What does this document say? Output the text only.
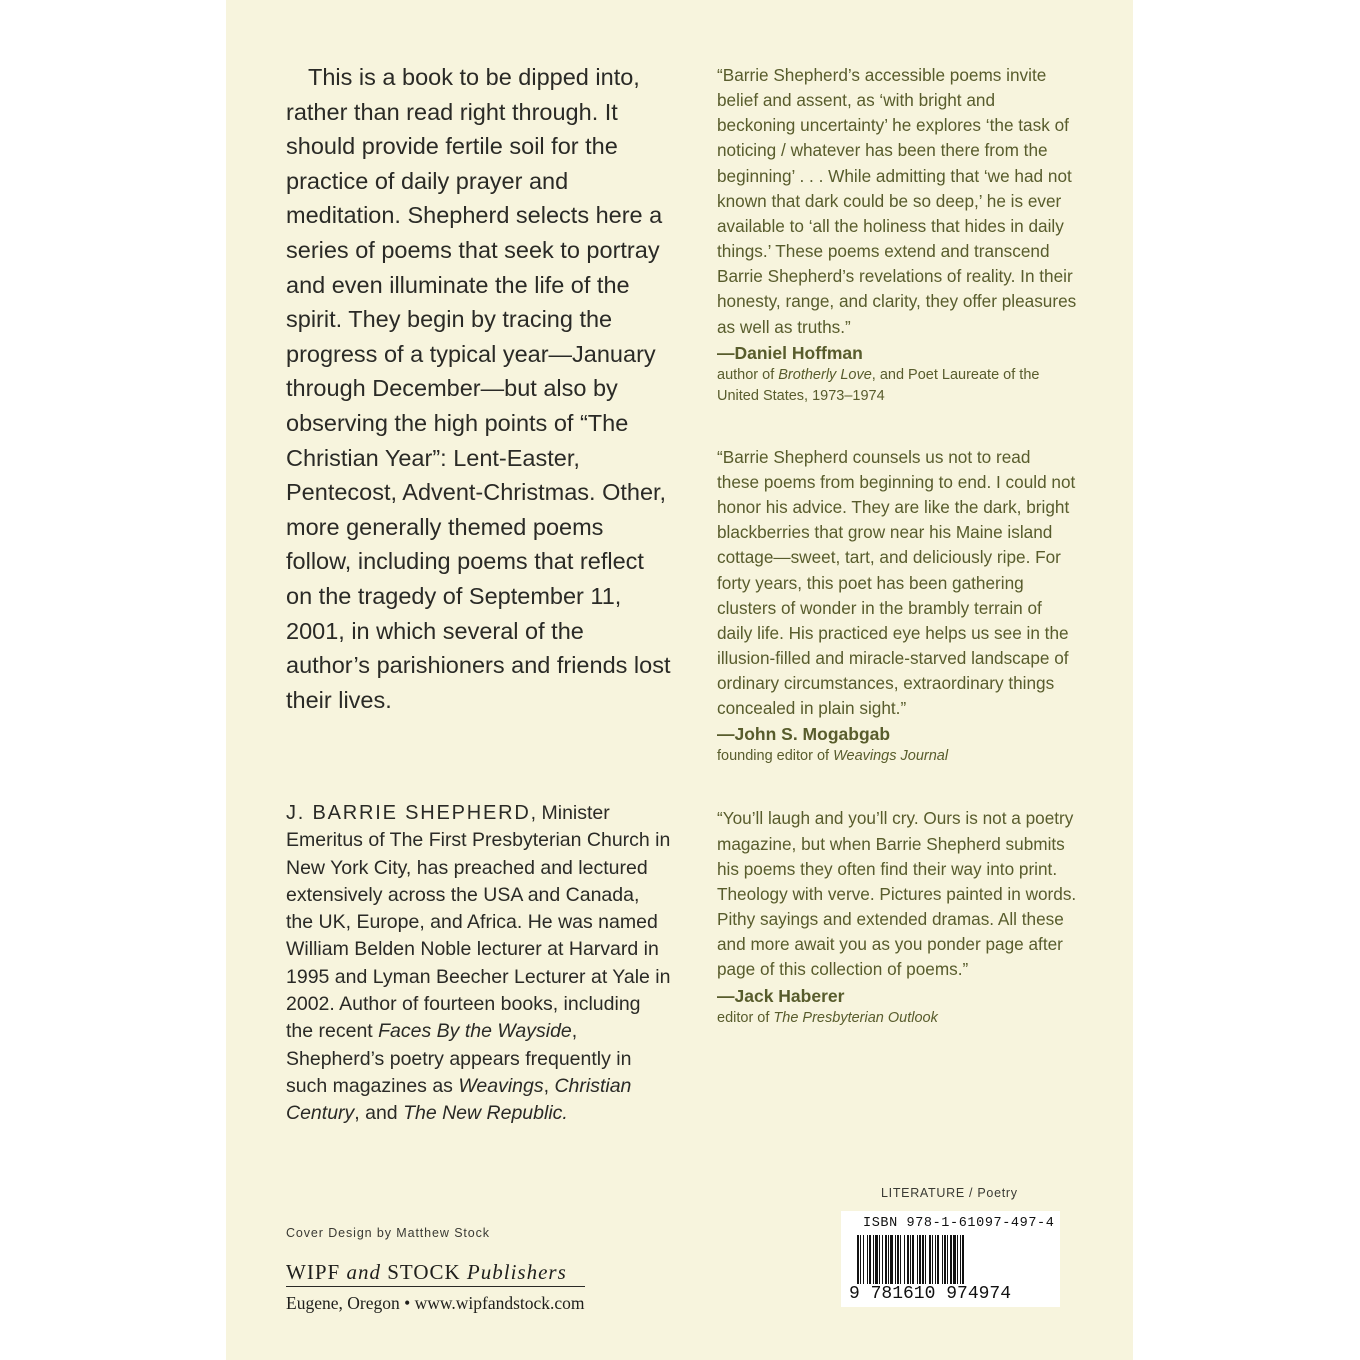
This is a book to be dipped into, rather than read right through. It should provide fertile soil for the practice of daily prayer and meditation. Shepherd selects here a series of poems that seek to portray and even illuminate the life of the spirit. They begin by tracing the progress of a typical year—January through December—but also by observing the high points of “The Christian Year”: Lent-Easter, Pentecost, Advent-Christmas. Other, more generally themed poems follow, including poems that reflect on the tragedy of September 11, 2001, in which several of the author’s parishioners and friends lost their lives.
J. BARRIE SHEPHERD, Minister Emeritus of The First Presbyterian Church in New York City, has preached and lectured extensively across the USA and Canada, the UK, Europe, and Africa. He was named William Belden Noble lecturer at Harvard in 1995 and Lyman Beecher Lecturer at Yale in 2002. Author of fourteen books, including the recent Faces By the Wayside, Shepherd’s poetry appears frequently in such magazines as Weavings, Christian Century, and The New Republic.
Cover Design by Matthew Stock
WIPF and STOCK Publishers
Eugene, Oregon • www.wipfandstock.com
“Barrie Shepherd’s accessible poems invite belief and assent, as ‘with bright and beckoning uncertainty’ he explores ‘the task of noticing / whatever has been there from the beginning’ . . . While admitting that ‘we had not known that dark could be so deep,’ he is ever available to ‘all the holiness that hides in daily things.’ These poems extend and transcend Barrie Shepherd’s revelations of reality. In their honesty, range, and clarity, they offer pleasures as well as truths.”
—Daniel Hoffman
author of Brotherly Love, and Poet Laureate of the United States, 1973–1974
“Barrie Shepherd counsels us not to read these poems from beginning to end. I could not honor his advice. They are like the dark, bright blackberries that grow near his Maine island cottage—sweet, tart, and deliciously ripe. For forty years, this poet has been gathering clusters of wonder in the brambly terrain of daily life. His practiced eye helps us see in the illusion-filled and miracle-starved landscape of ordinary circumstances, extraordinary things concealed in plain sight.”
—John S. Mogabgab
founding editor of Weavings Journal
“You’ll laugh and you’ll cry. Ours is not a poetry magazine, but when Barrie Shepherd submits his poems they often find their way into print. Theology with verve. Pictures painted in words. Pithy sayings and extended dramas. All these and more await you as you ponder page after page of this collection of poems.”
—Jack Haberer
editor of The Presbyterian Outlook
LITERATURE / Poetry
ISBN 978-1-61097-497-4
9 781610 974974
